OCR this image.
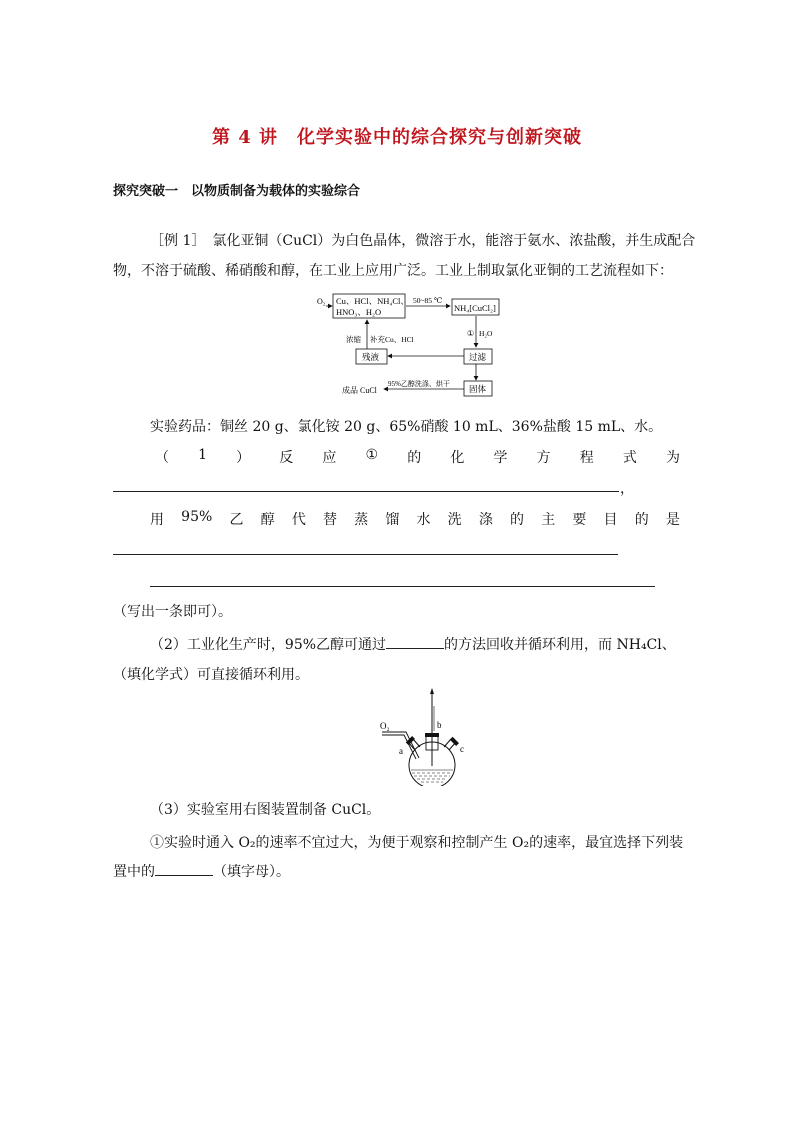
第 4 讲　化学实验中的综合探究与创新突破
探究突破一　以物质制备为载体的实验综合
［例 1］　氯化亚铜（CuCl）为白色晶体，微溶于水，能溶于氨水、浓盐酸，并生成配合
物，不溶于硫酸、稀硝酸和醇，在工业上应用广泛。工业上制取氯化亚铜的工艺流程如下：
O₂ Cu、HCl、NH₄Cl、
HNO₃、H₂O
50~85 ℃
NH₄[CuCl₂]
① H₂O
过滤
残液
浓缩 补充Cu、HCl
固体
95%乙醇洗涤、烘干
成品 CuCl
实验药品：铜丝 20 g、氯化铵 20 g、65%硝酸 10 mL、36%盐酸 15 mL、水。
（ 1 ） 反 应 ① 的 化 学 方 程 式 为
，
用 95% 乙 醇 代 替 蒸 馏 水 洗 涤 的 主 要 目 的 是
（写出一条即可）。
（2）工业化生产时，95%乙醇可通过	的方法回收并循环利用，而 NH₄Cl、
（填化学式）可直接循环利用。
O₂
a
b
c
（3）实验室用右图装置制备 CuCl。
①实验时通入 O₂的速率不宜过大，为便于观察和控制产生 O₂的速率，最宜选择下列装
置中的	（填字母）。
